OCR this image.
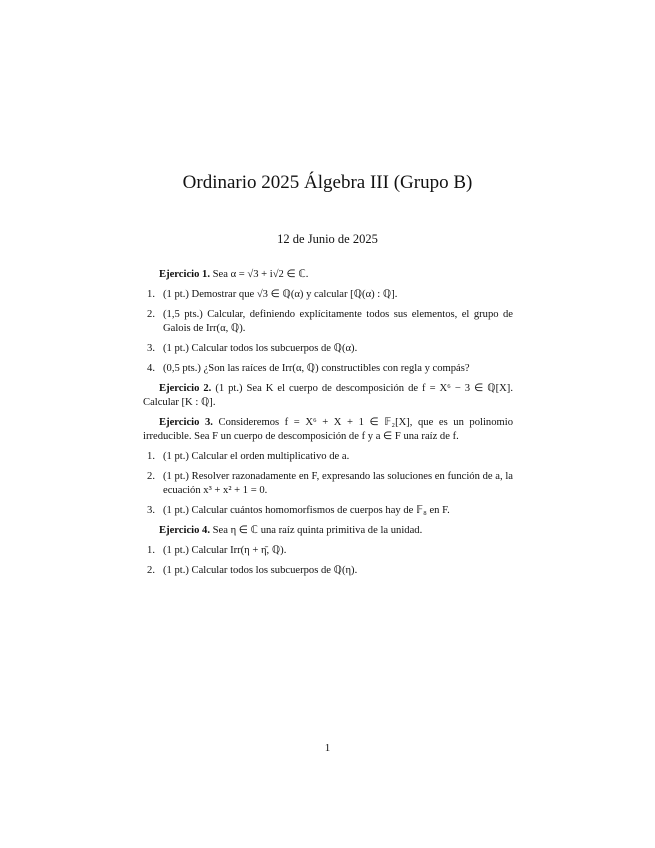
Ordinario 2025 Álgebra III (Grupo B)
12 de Junio de 2025

Ejercicio 1. Sea α = √3 + i√2 ∈ ℂ.

1. (1 pt.) Demostrar que √3 ∈ ℚ(α) y calcular [ℚ(α) : ℚ].
2. (1,5 pts.) Calcular, definiendo explícitamente todos sus elementos, el grupo de Galois de Irr(α, ℚ).
3. (1 pt.) Calcular todos los subcuerpos de ℚ(α).
4. (0,5 pts.) ¿Son las raíces de Irr(α, ℚ) constructibles con regla y compás?

Ejercicio 2. (1 pt.) Sea K el cuerpo de descomposición de f = X⁶ − 3 ∈ ℚ[X]. Calcular [K : ℚ].

Ejercicio 3. Consideremos f = X⁶ + X + 1 ∈ 𝔽₂[X], que es un polinomio irreducible. Sea F un cuerpo de descomposición de f y a ∈ F una raíz de f.

1. (1 pt.) Calcular el orden multiplicativo de a.
2. (1 pt.) Resolver razonadamente en F, expresando las soluciones en función de a, la ecuación x³ + x² + 1 = 0.
3. (1 pt.) Calcular cuántos homomorfismos de cuerpos hay de 𝔽₈ en F.

Ejercicio 4. Sea η ∈ ℂ una raíz quinta primitiva de la unidad.

1. (1 pt.) Calcular Irr(η + η̄, ℚ).
2. (1 pt.) Calcular todos los subcuerpos de ℚ(η).
1
